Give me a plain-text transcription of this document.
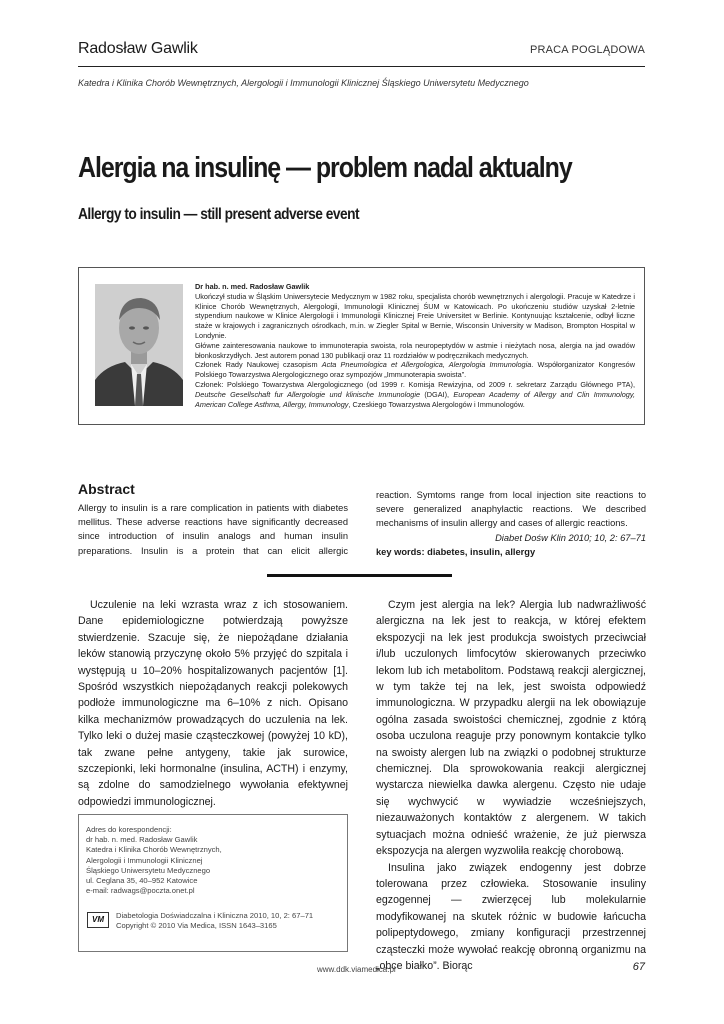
Radosław Gawlik	PRACA POGLĄDOWA
Katedra i Klinika Chorób Wewnętrznych, Alergologii i Immunologii Klinicznej Śląskiego Uniwersytetu Medycznego
Alergia na insulinę — problem nadal aktualny
Allergy to insulin — still present adverse event

Dr hab. n. med. Radosław Gawlik

Ukończył studia w Śląskim Uniwersytecie Medycznym w 1982 roku, specjalista chorób wewnętrznych i alergologii. Pracuje w Katedrze i Klinice Chorób Wewnętrznych, Alergologii, Immunologii Klinicznej ŚUM w Katowicach. Po ukończeniu studiów uzyskał 2-letnie stypendium naukowe w Klinice Alergologii i Immunologii Klinicznej Freie Universitet w Berlinie. Kontynuując kształcenie, odbył liczne staże w krajowych i zagranicznych ośrodkach, m.in. w Ziegler Spital w Bernie, Wisconsin University w Madison, Brompton Hospital w Londynie.

Główne zainteresowania naukowe to immunoterapia swoista, rola neuropeptydów w astmie i nieżytach nosa, alergia na jad owadów błonkoskrzydłych. Jest autorem ponad 130 publikacji oraz 11 rozdziałów w podręcznikach medycznych.

Członek Rady Naukowej czasopism Acta Pneumologica et Allergologica, Alergologia Immunologia. Współorganizator Kongresów Polskiego Towarzystwa Alergologicznego oraz sympozjów „Immunoterapia swoista”.

Członek: Polskiego Towarzystwa Alergologicznego (od 1999 r. Komisja Rewizyjna, od 2009 r. sekretarz Zarządu Głównego PTA), Deutsche Gesellschaft fur Allergologie und klinische Immunologie (DGAI), European Academy of Allergy and Clin Immunology, American College Asthma, Allergy, Immunology, Czeskiego Towarzystwa Alergologów i Immunologów.

Abstract
Allergy to insulin is a rare complication in patients with diabetes mellitus. These adverse reactions have significantly decreased since introduction of insulin analogs and human insulin preparations. Insulin is a protein that can elicit allergic

reaction. Symtoms range from local injection site reactions to severe generalized anaphylactic reactions. We described mechanisms of insulin allergy and cases of allergic reactions.

Diabet Dośw Klin 2010; 10, 2: 67–71

key words: diabetes, insulin, allergy

Uczulenie na leki wzrasta wraz z ich stosowaniem. Dane epidemiologiczne potwierdzają powyższe stwierdzenie. Szacuje się, że niepożądane działania leków stanowią przyczynę około 5% przyjęć do szpitala i występują u 10–20% hospitalizowanych pacjentów [1]. Spośród wszystkich niepożądanych reakcji polekowych podłoże immunologiczne ma 6–10% z nich. Opisano kilka mechanizmów prowadzących do uczulenia na lek. Tylko leki o dużej masie cząsteczkowej (powyżej 10 kD), tak zwane pełne antygeny, takie jak surowice, szczepionki, leki hormonalne (insulina, ACTH) i enzymy, są zdolne do samodzielnego wywołania efektywnej odpowiedzi immunologicznej.

Czym jest alergia na lek? Alergia lub nadwrażliwość alergiczna na lek jest to reakcja, w której efektem ekspozycji na lek jest produkcja swoistych przeciwciał i/lub uczulonych limfocytów skierowanych przeciwko lekom lub ich metabolitom. Podstawą reakcji alergicznej, w tym także tej na lek, jest swoista odpowiedź immunologiczna. W przypadku alergii na lek obowiązuje ogólna zasada swoistości chemicznej, zgodnie z którą osoba uczulona reaguje przy ponownym kontakcie tylko na swoisty alergen lub na związki o podobnej strukturze chemicznej. Dla sprowokowania reakcji alergicznej wystarcza niewielka dawka alergenu. Często nie udaje się wychwycić w wywiadzie wcześniejszych, niezauważonych kontaktów z alergenem. W takich sytuacjach można odnieść wrażenie, że już pierwsza ekspozycja na alergen wyzwoliła reakcję chorobową.

Insulina jako związek endogenny jest dobrze tolerowana przez człowieka. Stosowanie insuliny egzogennej — zwierzęcej lub molekularnie modyfikowanej na skutek różnic w budowie łańcucha polipeptydowego, zmiany konfiguracji przestrzennej cząsteczki może wywołać reakcję obronną organizmu na „obce białko”. Biorąc

Adres do korespondencji:
dr hab. n. med. Radosław Gawlik
Katedra i Klinika Chorób Wewnętrznych,
Alergologii i Immunologii Klinicznej
Śląskiego Uniwersytetu Medycznego
ul. Ceglana 35, 40–952 Katowice
e-mail: radwags@poczta.onet.pl
VM	Diabetologia Doświadczalna i Kliniczna 2010, 10, 2: 67–71
Copyright © 2010 Via Medica, ISSN 1643–3165
www.ddk.viamedica.pl	67
